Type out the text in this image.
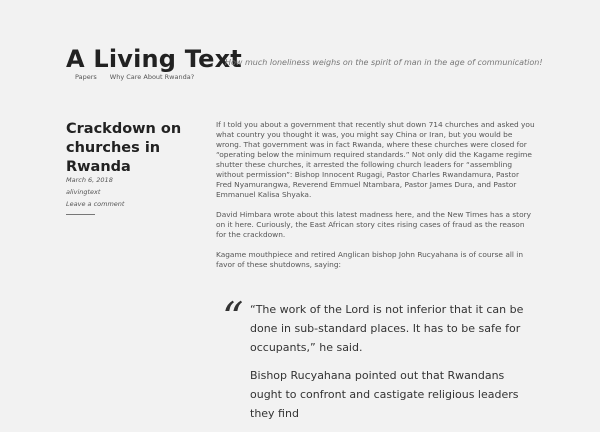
A Living Text
How much loneliness weighs on the spirit of man in the age of communication!
Papers Why Care About Rwanda?
Crackdown on churches in Rwanda
March 6, 2018
alivingtext
Leave a comment

If I told you about a government that recently shut down 714 churches and asked you what country you thought it was, you might say China or Iran, but you would be wrong. That government was in fact Rwanda, where these churches were closed for “operating below the minimum required standards.” Not only did the Kagame regime shutter these churches, it arrested the following church leaders for “assembling without permission”: Bishop Innocent Rugagi, Pastor Charles Rwandamura, Pastor Fred Nyamurangwa, Reverend Emmuel Ntambara, Pastor James Dura, and Pastor Emmanuel Kalisa Shyaka.

David Himbara wrote about this latest madness here, and the New Times has a story on it here. Curiously, the East African story cites rising cases of fraud as the reason for the crackdown.

Kagame mouthpiece and retired Anglican bishop John Rucyahana is of course all in favor of these shutdowns, saying:

“ “The work of the Lord is not inferior that it can be done in sub-standard places. It has to be safe for occupants,” he said.

Bishop Rucyahana pointed out that Rwandans ought to confront and castigate religious leaders they find
